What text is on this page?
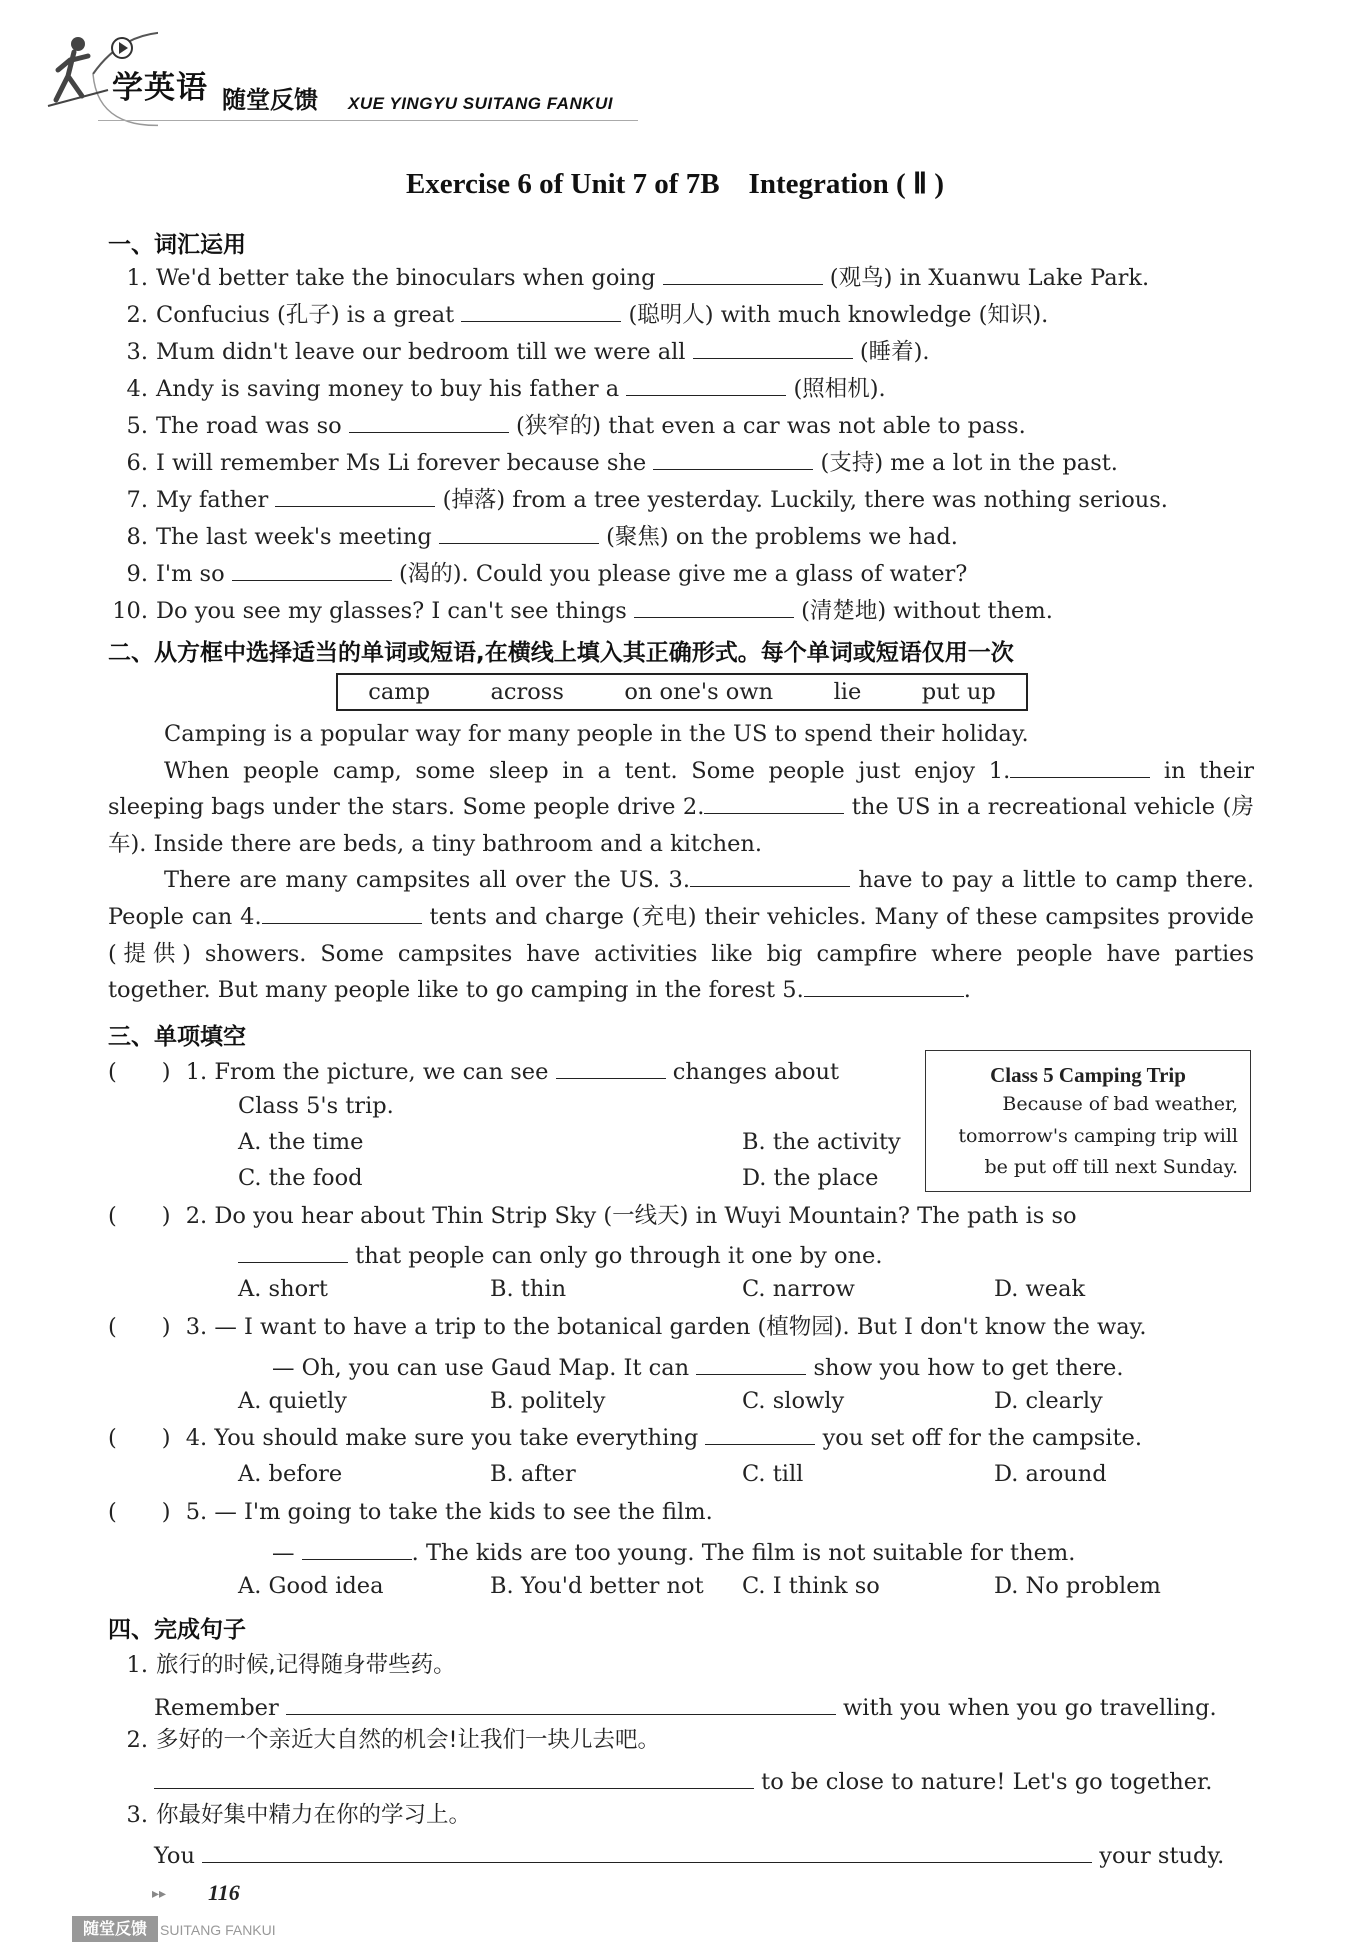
学英语 随堂反馈 XUE YINGYU SUITANG FANKUI
Exercise 6 of Unit 7 of 7B　Integration ( Ⅱ )
一、词汇运用
1. We'd better take the binoculars when going	(观鸟) in Xuanwu Lake Park.
2. Confucius (孔子) is a great	(聪明人) with much knowledge (知识).
3. Mum didn't leave our bedroom till we were all	(睡着).
4. Andy is saving money to buy his father a	(照相机).
5. The road was so	(狭窄的) that even a car was not able to pass.
6. I will remember Ms Li forever because she	(支持) me a lot in the past.
7. My father	(掉落) from a tree yesterday. Luckily, there was nothing serious.
8. The last week's meeting	(聚焦) on the problems we had.
9. I'm so	(渴的). Could you please give me a glass of water?
10. Do you see my glasses? I can't see things	(清楚地) without them.
二、从方框中选择适当的单词或短语,在横线上填入其正确形式。每个单词或短语仅用一次
camp	across	on one's own	lie	put up

Camping is a popular way for many people in the US to spend their holiday.

When people camp, some sleep in a tent. Some people just enjoy 1.	in their sleeping bags under the stars. Some people drive 2.	the US in a recreational vehicle (房车). Inside there are beds, a tiny bathroom and a kitchen.

There are many campsites all over the US. 3.	have to pay a little to camp there. People can 4.	tents and charge (充电) their vehicles. Many of these campsites provide (提供) showers. Some campsites have activities like big campfire where people have parties together. But many people like to go camping in the forest 5.	.

三、单项填空
Class 5 Camping Trip
Because of bad weather,
tomorrow's camping trip will
be put off till next Sunday.
(　　) 1. From the picture, we can see	changes about
Class 5's trip.
A. the time	B. the activity
C. the food	D. the place
(　　) 2. Do you hear about Thin Strip Sky (一线天) in Wuyi Mountain? The path is so
that people can only go through it one by one.
A. short	B. thin	C. narrow	D. weak
(　　) 3. — I want to have a trip to the botanical garden (植物园). But I don't know the way.
— Oh, you can use Gaud Map. It can	show you how to get there.
A. quietly	B. politely	C. slowly	D. clearly
(　　) 4. You should make sure you take everything	you set off for the campsite.
A. before	B. after	C. till	D. around
(　　) 5. — I'm going to take the kids to see the film.
—	. The kids are too young. The film is not suitable for them.
A. Good idea	B. You'd better not C. I think so	D. No problem
四、完成句子
1. 旅行的时候,记得随身带些药。
Remember	with you when you go travelling.
2. 多好的一个亲近大自然的机会!让我们一块儿去吧。
to be close to nature! Let's go together.
3. 你最好集中精力在你的学习上。
You	your study.
▸▸ 116
随堂反馈 SUITANG FANKUI
